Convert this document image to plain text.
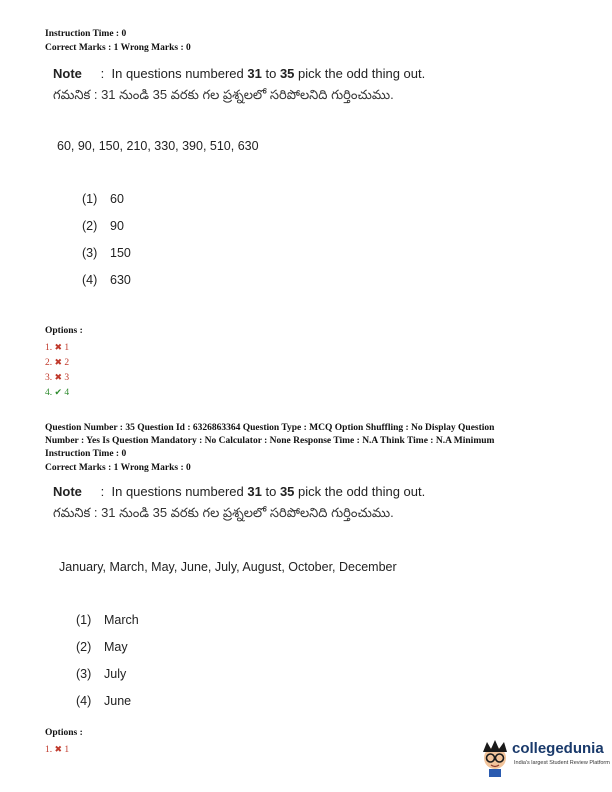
Instruction Time : 0
Correct Marks : 1 Wrong Marks : 0
Note : In questions numbered 31 to 35 pick the odd thing out.
గమనిక : 31 నుండి 35 వరకు గల ప్రశ్నలలో సరిపోలనిది గుర్తించుము.
60, 90, 150, 210, 330, 390, 510, 630
(1) 60
(2) 90
(3) 150
(4) 630
Options :
1. ✖ 1
2. ✖ 2
3. ✖ 3
4. ✔ 4
Question Number : 35 Question Id : 6326863364 Question Type : MCQ Option Shuffling : No Display Question
Number : Yes Is Question Mandatory : No Calculator : None Response Time : N.A Think Time : N.A Minimum
Instruction Time : 0
Correct Marks : 1 Wrong Marks : 0
Note : In questions numbered 31 to 35 pick the odd thing out.
గమనిక : 31 నుండి 35 వరకు గల ప్రశ్నలలో సరిపోలనిది గుర్తించుము.
January, March, May, June, July, August, October, December
(1) March
(2) May
(3) July
(4) June
Options :
1. ✖ 1	collegedunia
India's largest Student Review Platform
